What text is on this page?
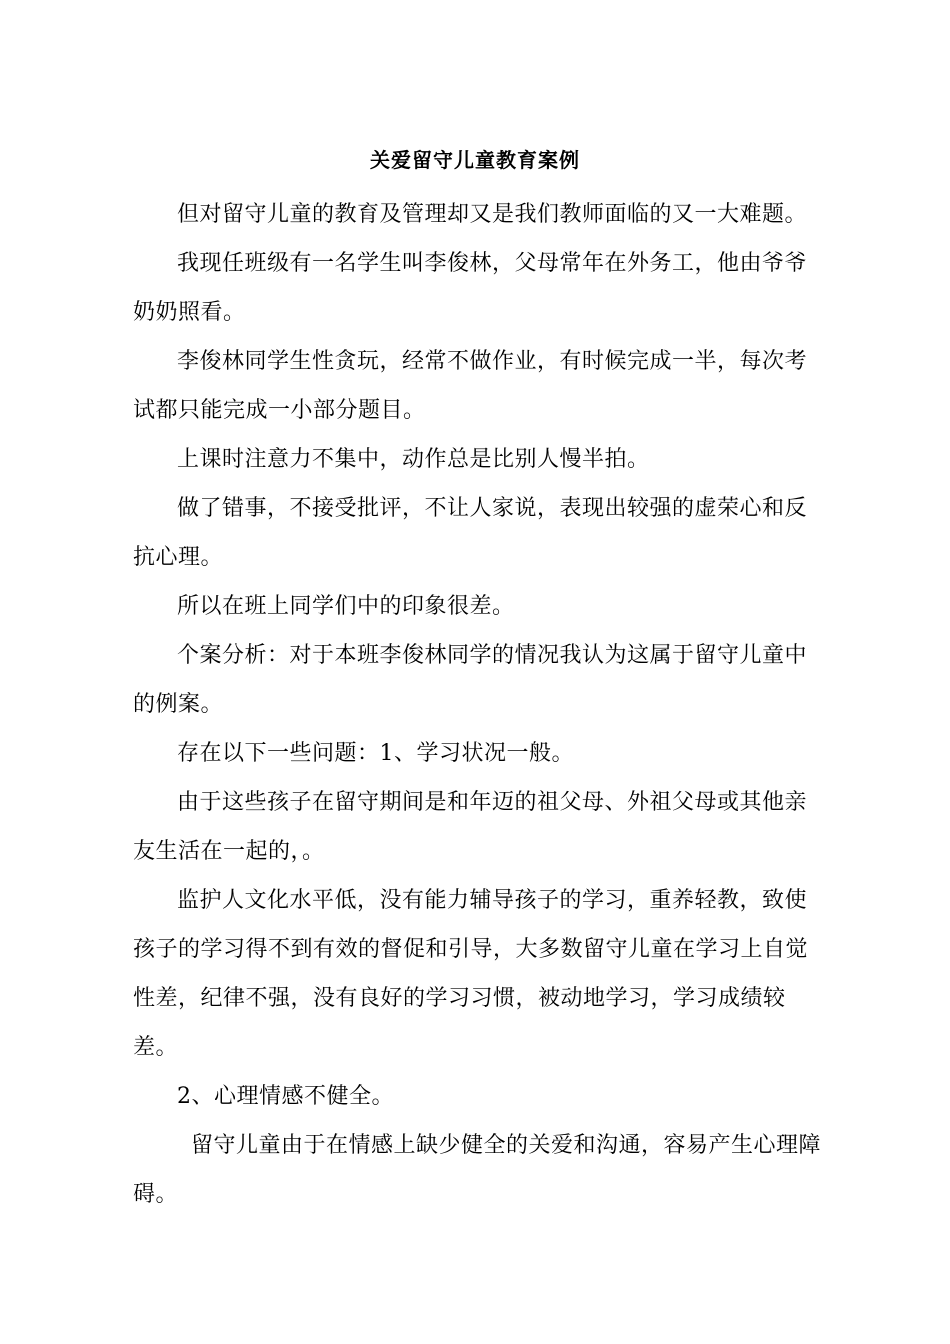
关爱留守儿童教育案例

但对留守儿童的教育及管理却又是我们教师面临的又一大难题。

我现任班级有一名学生叫李俊林，父母常年在外务工，他由爷爷奶奶照看。

李俊林同学生性贪玩，经常不做作业，有时候完成一半，每次考试都只能完成一小部分题目。

上课时注意力不集中，动作总是比别人慢半拍。

做了错事，不接受批评，不让人家说，表现出较强的虚荣心和反抗心理。

所以在班上同学们中的印象很差。

个案分析：对于本班李俊林同学的情况我认为这属于留守儿童中的例案。

存在以下一些问题：1、学习状况一般。

由于这些孩子在留守期间是和年迈的祖父母、外祖父母或其他亲友生活在一起的，。

监护人文化水平低，没有能力辅导孩子的学习，重养轻教，致使孩子的学习得不到有效的督促和引导，大多数留守儿童在学习上自觉性差，纪律不强，没有良好的学习习惯，被动地学习，学习成绩较差。

2、心理情感不健全。

留守儿童由于在情感上缺少健全的关爱和沟通，容易产生心理障碍。
